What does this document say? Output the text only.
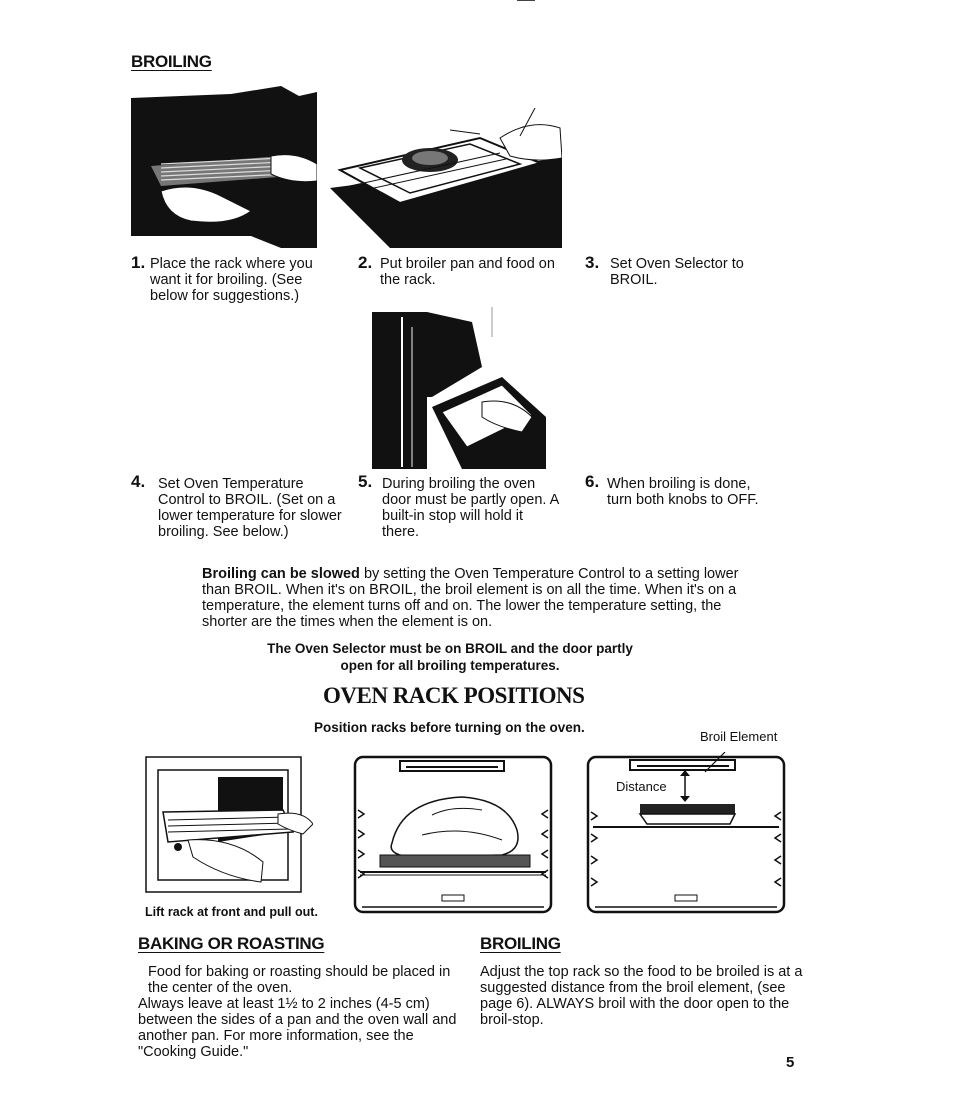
BROILING
1. Place the rack where you want it for broiling. (See below for suggestions.)
2. Put broiler pan and food on the rack.
3. Set Oven Selector to BROIL.
4. Set Oven Temperature Control to BROIL. (Set on a lower temperature for slower broiling. See below.)
5. During broiling the oven door must be partly open. A built-in stop will hold it there.
6. When broiling is done, turn both knobs to OFF.
Broiling can be slowed by setting the Oven Temperature Control to a setting lower than BROIL. When it's on BROIL, the broil element is on all the time. When it's on a temperature, the element turns off and on. The lower the temperature setting, the shorter are the times when the element is on.
The Oven Selector must be on BROIL and the door partly
open for all broiling temperatures.
OVEN RACK POSITIONS
Position racks before turning on the oven.
Broil Element
Lift rack at front and pull out.
Distance
BAKING OR ROASTING
Food for baking or roasting should be placed in the center of the oven.
Always leave at least 1½ to 2 inches (4-5 cm) between the sides of a pan and the oven wall and another pan. For more information, see the "Cooking Guide."
BROILING
Adjust the top rack so the food to be broiled is at a suggested distance from the broil element, (see page 6). ALWAYS broil with the door open to the broil-stop.
5
